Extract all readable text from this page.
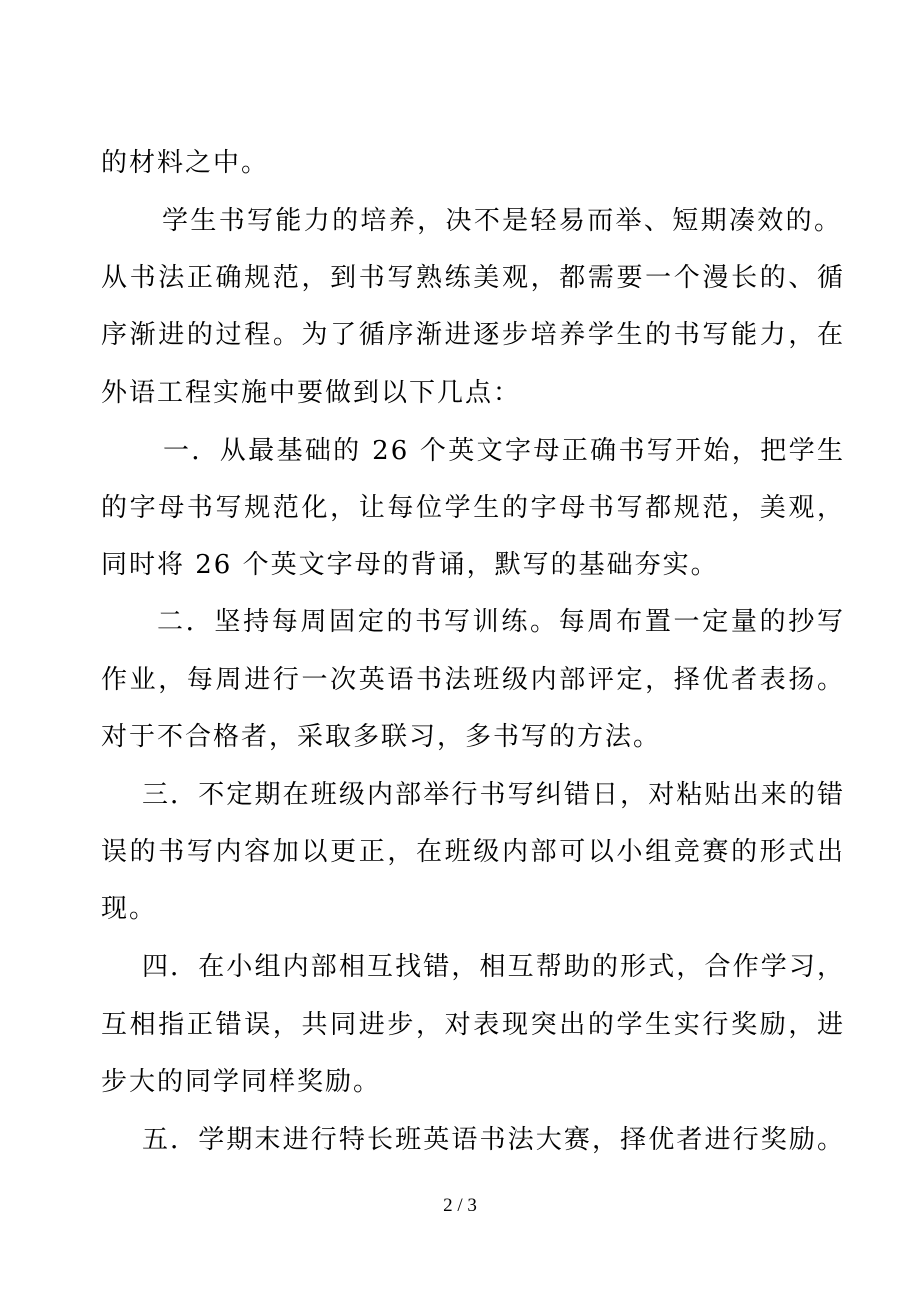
的材料之中。
学生书写能力的培养，决不是轻易而举、短期凑效的。
从书法正确规范，到书写熟练美观，都需要一个漫长的、循
序渐进的过程。为了循序渐进逐步培养学生的书写能力，在
外语工程实施中要做到以下几点：
一．从最基础的 26 个英文字母正确书写开始，把学生
的字母书写规范化，让每位学生的字母书写都规范，美观，
同时将 26 个英文字母的背诵，默写的基础夯实。
二．坚持每周固定的书写训练。每周布置一定量的抄写
作业，每周进行一次英语书法班级内部评定，择优者表扬。
对于不合格者，采取多联习，多书写的方法。
三．不定期在班级内部举行书写纠错日，对粘贴出来的错
误的书写内容加以更正，在班级内部可以小组竞赛的形式出
现。
四．在小组内部相互找错，相互帮助的形式，合作学习，
互相指正错误，共同进步，对表现突出的学生实行奖励，进
步大的同学同样奖励。
五．学期末进行特长班英语书法大赛，择优者进行奖励。
2 / 3
